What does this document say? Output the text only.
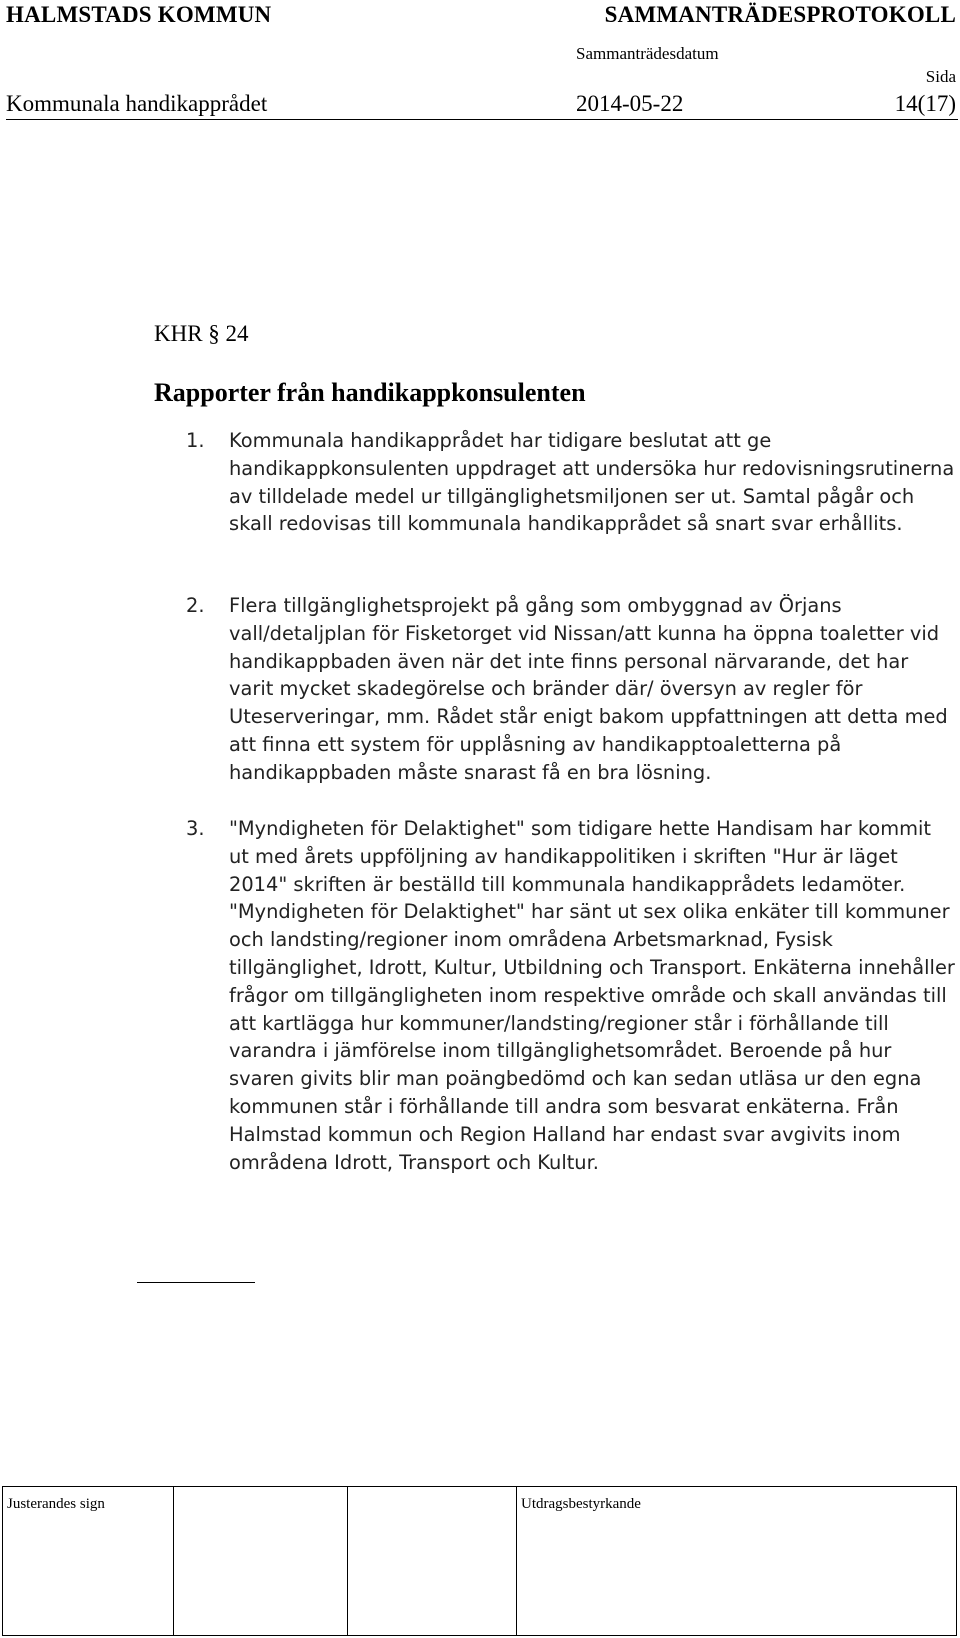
HALMSTADS KOMMUN	SAMMANTRÄDESPROTOKOLL
Sammanträdesdatum
Sida
Kommunala handikapprådet	2014-05-22	14(17)
KHR § 24
Rapporter från handikappkonsulenten
1.	Kommunala handikapprådet har tidigare beslutat att ge handikappkonsulenten uppdraget att undersöka hur redovisningsrutinerna av tilldelade medel ur tillgänglighetsmiljonen ser ut. Samtal pågår och skall redovisas till kommunala handikapprådet så snart svar erhållits.

2.	Flera tillgänglighetsprojekt på gång som ombyggnad av Örjans vall/detaljplan för Fisketorget vid Nissan/att kunna ha öppna toaletter vid handikappbaden även när det inte finns personal närvarande, det har varit mycket skadegörelse och bränder där/ översyn av regler för Uteserveringar, mm. Rådet står enigt bakom uppfattningen att detta med att finna ett system för upplåsning av handikapptoaletterna på handikappbaden måste snarast få en bra lösning.

3.	"Myndigheten för Delaktighet" som tidigare hette Handisam har kommit ut med årets uppföljning av handikappolitiken i skriften "Hur är läget 2014" skriften är beställd till kommunala handikapprådets ledamöter.

"Myndigheten för Delaktighet" har sänt ut sex olika enkäter till kommuner och landsting/regioner inom områdena Arbetsmarknad, Fysisk tillgänglighet, Idrott, Kultur, Utbildning och Transport. Enkäterna innehåller frågor om tillgängligheten inom respektive område och skall användas till att kartlägga hur kommuner/landsting/regioner står i förhållande till varandra i jämförelse inom tillgänglighetsområdet. Beroende på hur svaren givits blir man poängbedömd och kan sedan utläsa ur den egna kommunen står i förhållande till andra som besvarat enkäterna. Från Halmstad kommun och Region Halland har endast svar avgivits inom områdena Idrott, Transport och Kultur.

Justerandes sign	Utdragsbestyrkande
